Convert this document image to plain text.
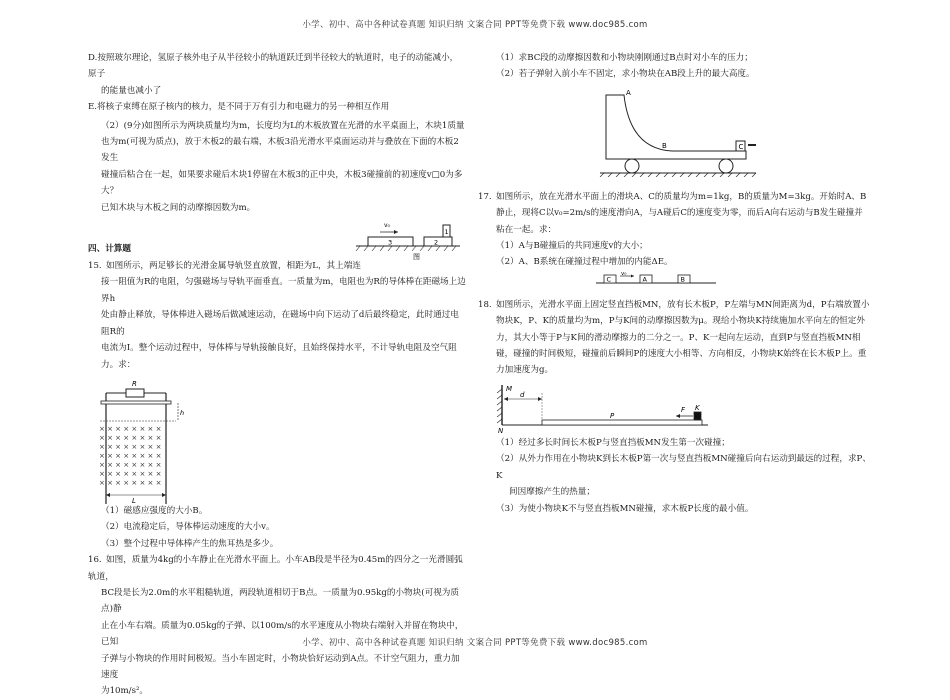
小学、初中、高中各种试卷真题 知识归纳 文案合同 PPT等免费下载 www.doc985.com

D.按照玻尔理论，氢原子核外电子从半径较小的轨道跃迁到半径较大的轨道时，电子的动能减小，原子

的能量也减小了

E.将核子束缚在原子核内的核力，是不同于万有引力和电磁力的另一种相互作用

（2）(9分)如图所示为两块质量均为m，长度均为L的木板放置在光滑的水平桌面上，木块1质量

也为m(可视为质点)，放于木板2的最右端，木板3沿光滑水平桌面运动并与叠放在下面的木板2发生

碰撞后粘合在一起，如果要求碰后木块1停留在木板3的正中央，木板3碰撞前的初速度v□0为多大？

已知木块与木板之间的动摩擦因数为m。

v₀
3	2
1
图
四、计算题

15. 如图所示，两足够长的光滑金属导轨竖直放置，相距为L，其上端连

接一阻值为R的电阻，匀强磁场与导轨平面垂直。一质量为m，电阻也为R的导体棒在距磁场上边界h

处由静止释放，导体棒进入磁场后做减速运动，在磁场中向下运动了d后最终稳定，此时通过电阻R的

电流为I。整个运动过程中，导体棒与导轨接触良好，且始终保持水平，不计导轨电阻及空气阻力。求：

R
h
× × × × × × × ×
× × × × × × × ×
× × × × × × × ×
× × × × × × × ×
× × × × × × × ×
× × × × × × × ×
× × × × × × × ×
L

（1）磁感应强度的大小B。

（2）电流稳定后，导体棒运动速度的大小v。

（3）整个过程中导体棒产生的焦耳热是多少。

16. 如图，质量为4kg的小车静止在光滑水平面上。小车AB段是半径为0.45m的四分之一光滑圆弧轨道，

BC段是长为2.0m的水平粗糙轨道，两段轨道相切于B点。一质量为0.95kg的小物块(可视为质点)静

止在小车右端。质量为0.05kg的子弹、以100m/s的水平速度从小物块右端射入并留在物块中，已知

子弹与小物块的作用时间极短。当小车固定时，小物块恰好运动到A点。不计空气阻力，重力加速度

为10m/s²。

（1）求BC段的动摩擦因数和小物块刚刚通过B点时对小车的压力；

（2）若子弹射入前小车不固定，求小物块在AB段上升的最大高度。

A
B	C

17. 如图所示，放在光滑水平面上的滑块A、C的质量均为m=1kg，B的质量为M=3kg。开始时A、B

静止，现将C以v₀=2m/s的速度滑向A，与A碰后C的速度变为零，而后A向右运动与B发生碰撞并

粘在一起。求：

（1）A与B碰撞后的共同速度v的大小；

（2）A、B系统在碰撞过程中增加的内能ΔE。

C
v₀
A	B

18. 如图所示，光滑水平面上固定竖直挡板MN，放有长木板P，P左端与MN间距离为d，P右端放置小

物块K，P、K的质量均为m，P与K间的动摩擦因数为μ。现给小物块K持续施加水平向左的恒定外

力，其大小等于P与K间的滑动摩擦力的二分之一。P、K一起向左运动，直到P与竖直挡板MN相

碰，碰撞的时间极短，碰撞前后瞬间P的速度大小相等、方向相反，小物块K始终在长木板P上。重

力加速度为g。

M
N
d
P
F K

（1）经过多长时间长木板P与竖直挡板MN发生第一次碰撞；

（2）从外力作用在小物块K到长木板P第一次与竖直挡板MN碰撞后向右运动到最远的过程，求P、K

间因摩擦产生的热量；

（3）为使小物块K不与竖直挡板MN碰撞，求木板P长度的最小值。

小学、初中、高中各种试卷真题 知识归纳 文案合同 PPT等免费下载 www.doc985.com
